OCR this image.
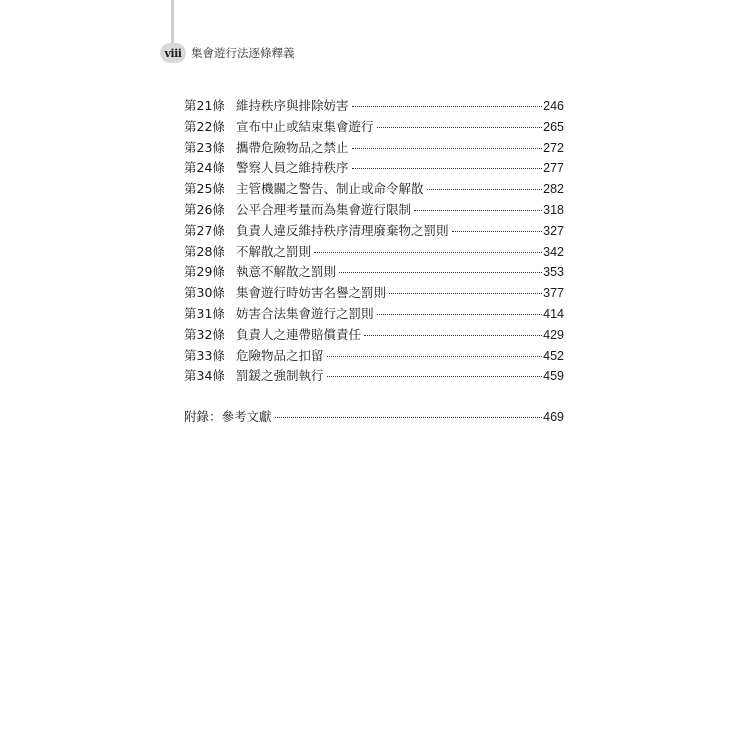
viii 集會遊行法逐條釋義
第21條 維持秩序與排除妨害	246
第22條 宣布中止或結束集會遊行	265
第23條 攜帶危險物品之禁止	272
第24條 警察人員之維持秩序	277
第25條 主管機關之警告、制止或命令解散	282
第26條 公平合理考量而為集會遊行限制	318
第27條 負責人違反維持秩序清理廢棄物之罰則	327
第28條 不解散之罰則	342
第29條 執意不解散之罰則	353
第30條 集會遊行時妨害名譽之罰則	377
第31條 妨害合法集會遊行之罰則	414
第32條 負責人之連帶賠償責任	429
第33條 危險物品之扣留	452
第34條 罰鍰之強制執行	459
附錄：參考文獻	469
